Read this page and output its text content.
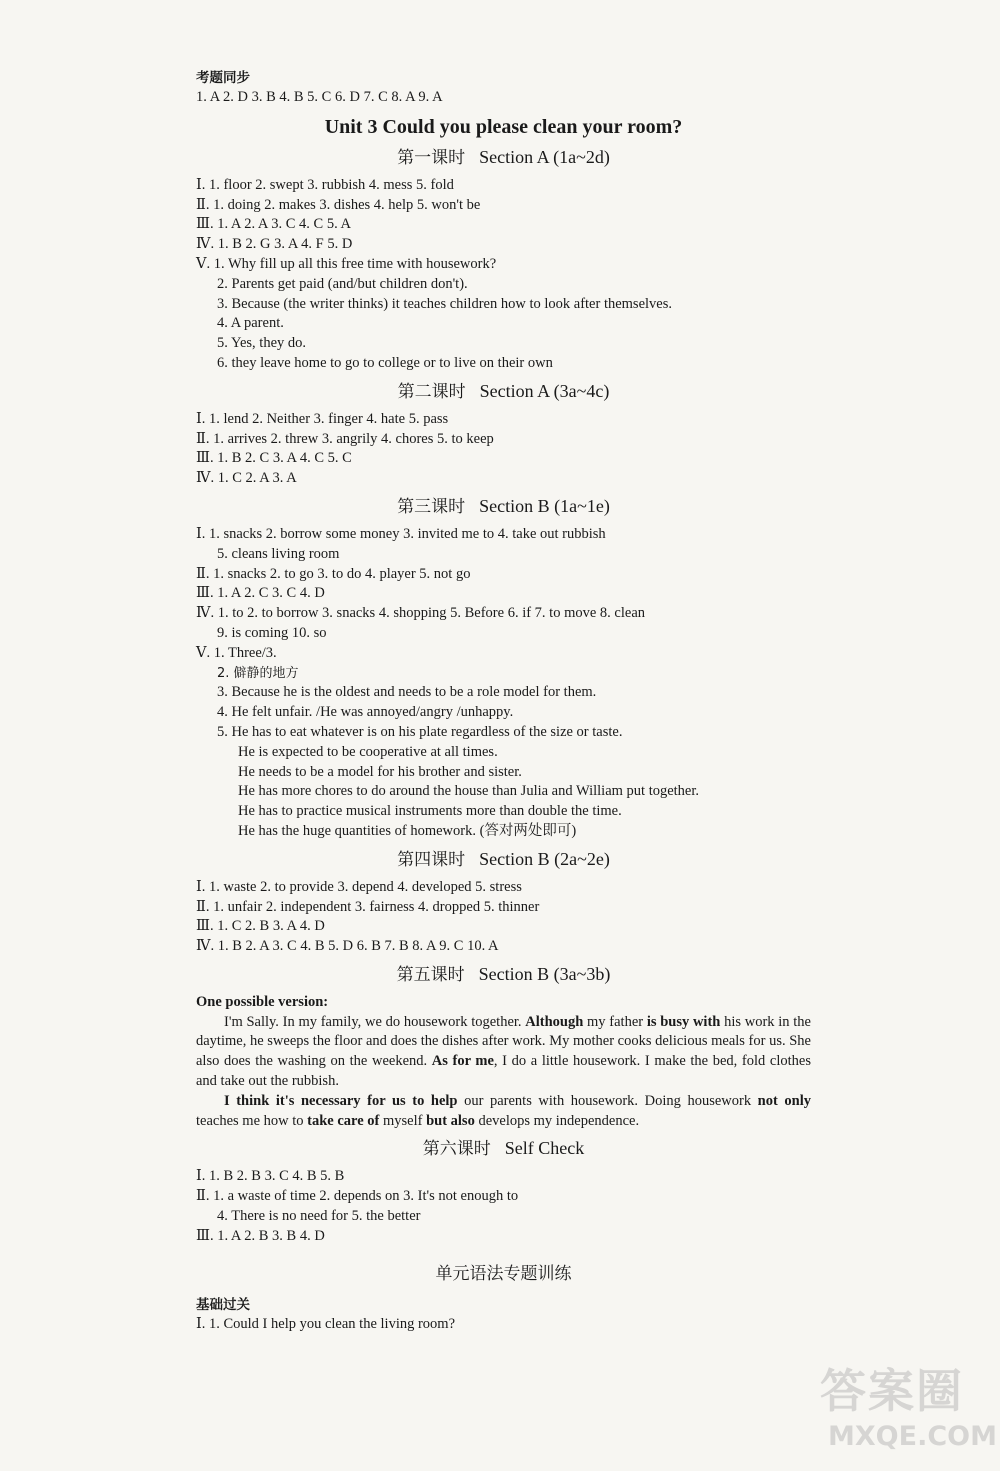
考题同步
1. A 2. D 3. B 4. B 5. C 6. D 7. C 8. A 9. A
Unit 3 Could you please clean your room?
第一课时 Section A (1a~2d)
Ⅰ. 1. floor 2. swept 3. rubbish 4. mess 5. fold
Ⅱ. 1. doing 2. makes 3. dishes 4. help 5. won't be
Ⅲ. 1. A 2. A 3. C 4. C 5. A
Ⅳ. 1. B 2. G 3. A 4. F 5. D
Ⅴ. 1. Why fill up all this free time with housework?
2. Parents get paid (and/but children don't).
3. Because (the writer thinks) it teaches children how to look after themselves.
4. A parent.
5. Yes, they do.
6. they leave home to go to college or to live on their own
第二课时 Section A (3a~4c)
Ⅰ. 1. lend 2. Neither 3. finger 4. hate 5. pass
Ⅱ. 1. arrives 2. threw 3. angrily 4. chores 5. to keep
Ⅲ. 1. B 2. C 3. A 4. C 5. C
Ⅳ. 1. C 2. A 3. A
第三课时 Section B (1a~1e)
Ⅰ. 1. snacks 2. borrow some money 3. invited me to 4. take out rubbish
5. cleans living room
Ⅱ. 1. snacks 2. to go 3. to do 4. player 5. not go
Ⅲ. 1. A 2. C 3. C 4. D
Ⅳ. 1. to 2. to borrow 3. snacks 4. shopping 5. Before 6. if 7. to move 8. clean
9. is coming 10. so
Ⅴ. 1. Three/3.
2. 僻静的地方
3. Because he is the oldest and needs to be a role model for them.
4. He felt unfair. /He was annoyed/angry /unhappy.
5. He has to eat whatever is on his plate regardless of the size or taste.
He is expected to be cooperative at all times.
He needs to be a model for his brother and sister.
He has more chores to do around the house than Julia and William put together.
He has to practice musical instruments more than double the time.
He has the huge quantities of homework. (答对两处即可)
第四课时 Section B (2a~2e)
Ⅰ. 1. waste 2. to provide 3. depend 4. developed 5. stress
Ⅱ. 1. unfair 2. independent 3. fairness 4. dropped 5. thinner
Ⅲ. 1. C 2. B 3. A 4. D
Ⅳ. 1. B 2. A 3. C 4. B 5. D 6. B 7. B 8. A 9. C 10. A
第五课时 Section B (3a~3b)
One possible version:
I'm Sally. In my family, we do housework together. Although my father is busy with his work in the daytime, he sweeps the floor and does the dishes after work. My mother cooks delicious meals for us. She also does the washing on the weekend. As for me, I do a little housework. I make the bed, fold clothes and take out the rubbish.
I think it's necessary for us to help our parents with housework. Doing housework not only teaches me how to take care of myself but also develops my independence.
第六课时 Self Check
Ⅰ. 1. B 2. B 3. C 4. B 5. B
Ⅱ. 1. a waste of time 2. depends on 3. It's not enough to
4. There is no need for 5. the better
Ⅲ. 1. A 2. B 3. B 4. D
单元语法专题训练
基础过关
Ⅰ. 1. Could I help you clean the living room?
答案圈
MXQE.COM
